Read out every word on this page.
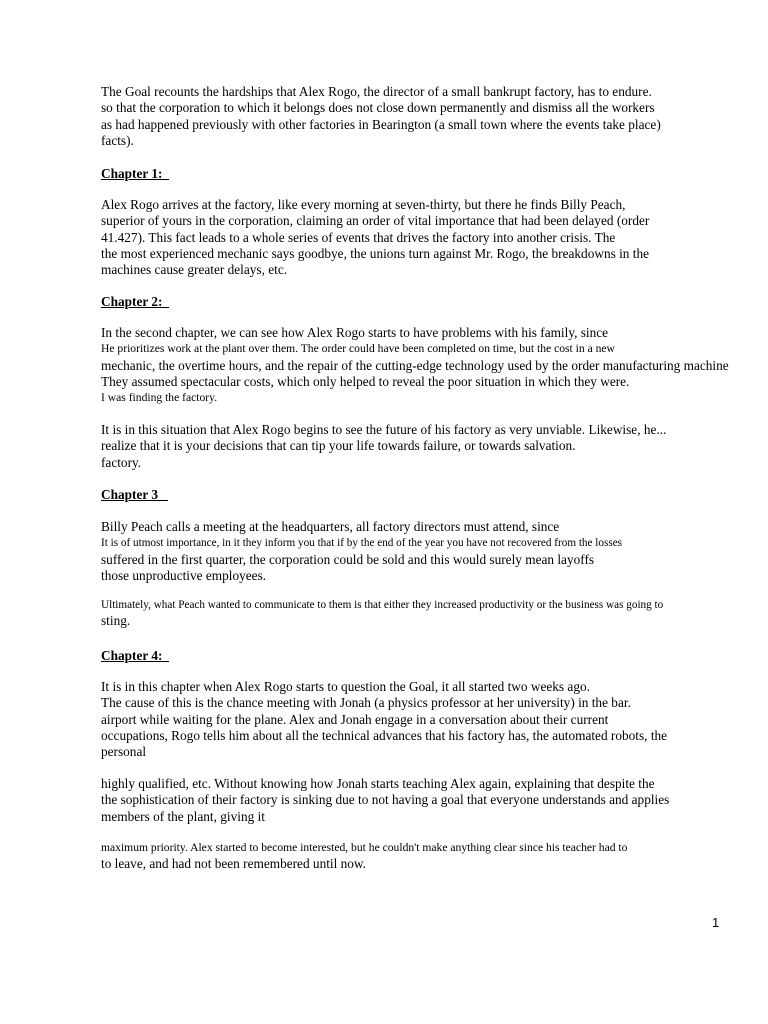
The Goal recounts the hardships that Alex Rogo, the director of a small bankrupt factory, has to endure.
so that the corporation to which it belongs does not close down permanently and dismiss all the workers
as had happened previously with other factories in Bearington (a small town where the events take place)
facts).
Chapter 1:
Alex Rogo arrives at the factory, like every morning at seven-thirty, but there he finds Billy Peach,
superior of yours in the corporation, claiming an order of vital importance that had been delayed (order
41.427). This fact leads to a whole series of events that drives the factory into another crisis. The
the most experienced mechanic says goodbye, the unions turn against Mr. Rogo, the breakdowns in the
machines cause greater delays, etc.
Chapter 2:
In the second chapter, we can see how Alex Rogo starts to have problems with his family, since
He prioritizes work at the plant over them. The order could have been completed on time, but the cost in a new
mechanic, the overtime hours, and the repair of the cutting-edge technology used by the order manufacturing machine
They assumed spectacular costs, which only helped to reveal the poor situation in which they were.
I was finding the factory.
It is in this situation that Alex Rogo begins to see the future of his factory as very unviable. Likewise, he...
realize that it is your decisions that can tip your life towards failure, or towards salvation.
factory.
Chapter 3
Billy Peach calls a meeting at the headquarters, all factory directors must attend, since
It is of utmost importance, in it they inform you that if by the end of the year you have not recovered from the losses
suffered in the first quarter, the corporation could be sold and this would surely mean layoffs
those unproductive employees.
Ultimately, what Peach wanted to communicate to them is that either they increased productivity or the business was going to
sting.
Chapter 4:
It is in this chapter when Alex Rogo starts to question the Goal, it all started two weeks ago.
The cause of this is the chance meeting with Jonah (a physics professor at her university) in the bar.
airport while waiting for the plane. Alex and Jonah engage in a conversation about their current
occupations, Rogo tells him about all the technical advances that his factory has, the automated robots, the
personal
highly qualified, etc. Without knowing how Jonah starts teaching Alex again, explaining that despite the
the sophistication of their factory is sinking due to not having a goal that everyone understands and applies
members of the plant, giving it
maximum priority. Alex started to become interested, but he couldn't make anything clear since his teacher had to
to leave, and had not been remembered until now.
1
